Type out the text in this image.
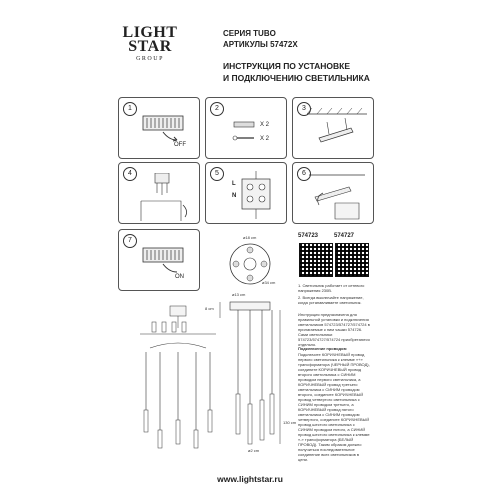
LIGHT
STAR
GROUP
СЕРИЯ TUBO
АРТИКУЛЫ 57472X
ИНСТРУКЦИЯ ПО УСТАНОВКЕ
И ПОДКЛЮЧЕНИЮ СВЕТИЛЬНИКА
1
OFF
2
X 2
X 2
3
4	5
L
N
6
7
ON
ø18 cm
ø34 cm
574723	574727
1. Светильник работает от сетевого напряжения 230В.
2. Всегда выключайте напряжение, когда устанавливаете светильник.
Инструкция предназначена для правильной установки и подключения светильников 574723/574727/574724 в прилагаемые к ним чашки 574726. Сами светильники 574723/574727/574724 приобретаются отдельно.
Подключение проводов:
Подключите КОРИЧНЕВЫЙ провод первого светильника к клемме «+» трансформатора (ЧЕРНЫЙ ПРОВОД), соедините КОРИЧНЕВЫЙ провод второго светильника с СИНИМ проводом первого светильника, а КОРИЧНЕВЫЙ провод третьего светильника с СИНИМ проводом второго, соедините КОРИЧНЕВЫЙ провод четвертого светильника с СИНИМ проводом третьего, а КОРИЧНЕВЫЙ провод пятого светильника с СИНИМ проводом четвертого, соедините КОРИЧНЕВЫЙ провод шестого светильника с СИНИМ проводом пятого, а СИНИЙ провод шестого светильника к клемме «-» трансформатора (БЕЛЫЙ ПРОВОД). Таким образом должно получиться последовательное соединение всех светильников в цепи.
ø13 cm
8 cm
130 cm
ø2 cm
www.lightstar.ru
